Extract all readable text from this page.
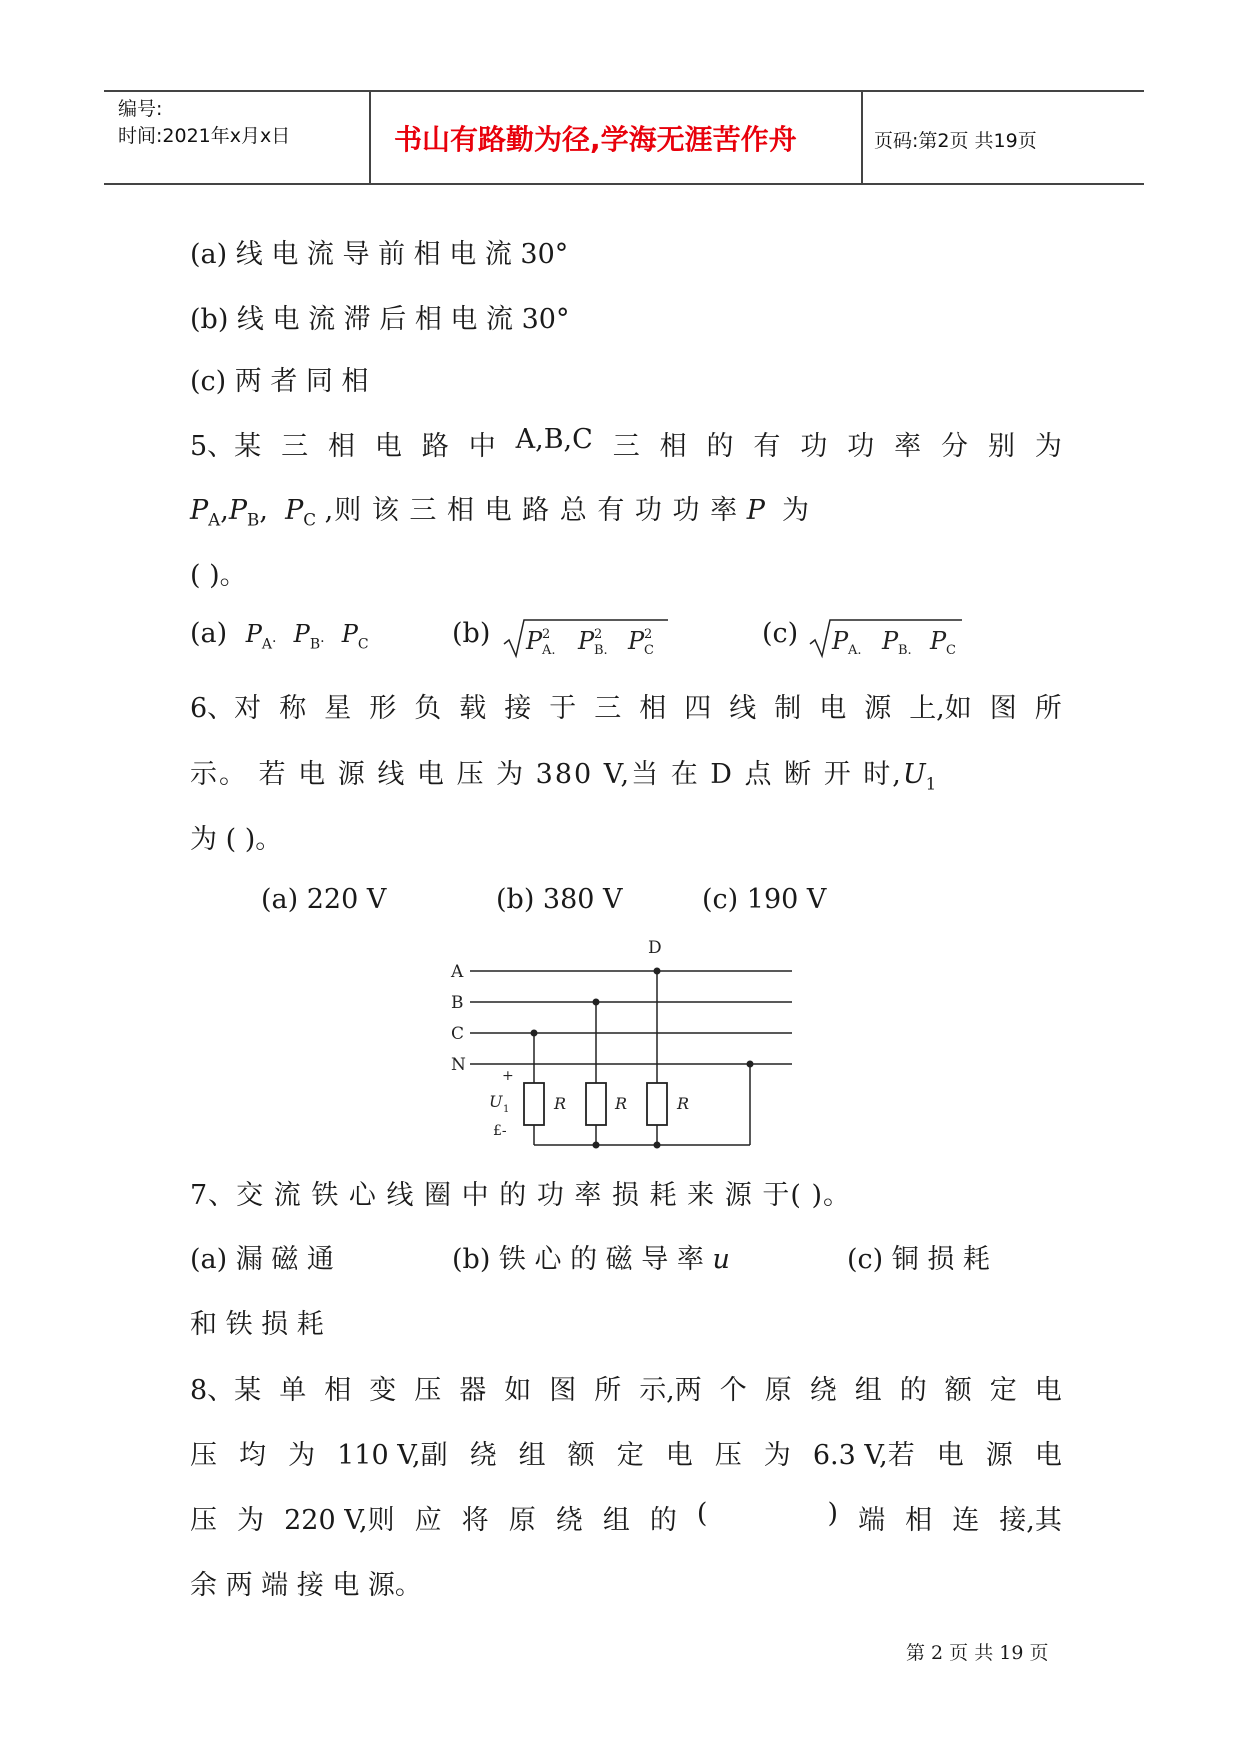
编号:
时间:2021年x月x日	书山有路勤为径,学海无涯苦作舟	页码:第2页 共19页
(a) 线 电 流 导 前 相 电 流 30°
(b) 线 电 流 滞 后 相 电 流 30°
(c) 两 者 同 相
5、某 三 相 电 路 中 A,B,C 三 相 的 有 功 功 率 分 别 为
$P_A,P_B$,  $P_C$ ,则 该 三 相 电 路 总 有 功 功 率 P 为
( )。
(a) $P_A$. $P_B$. $P_C$	(b) P 2
A. P 2
B. P 2
C
(c) P A. P B. P C
6、对 称 星 形 负 载 接 于 三 相 四 线 制 电 源 上,如 图 所
示。 若 电 源 线 电 压 为 380 V,当 在 D 点 断 开 时$,U_1$
为 ( )。
(a) 220 V	(b) 380 V	(c) 190 V
A
B
C
N
D
R	R	R
+
U 1
£-
7、交 流 铁 心 线 圈 中 的 功 率 损 耗 来 源 于( )。
(a) 漏 磁 通	(b) 铁 心 的 磁 导 率 u	(c) 铜 损 耗
和 铁 损 耗
8、某 单 相 变 压 器 如 图 所 示,两 个 原 绕 组 的 额 定 电
压 均 为 110 V,副 绕 组 额 定 电 压 为 6.3 V,若 电 源 电
压 为 220 V,则 应 将 原 绕 组 的 (	) 端 相 连 接,其
余 两 端 接 电 源。
第 2 页 共 19 页
